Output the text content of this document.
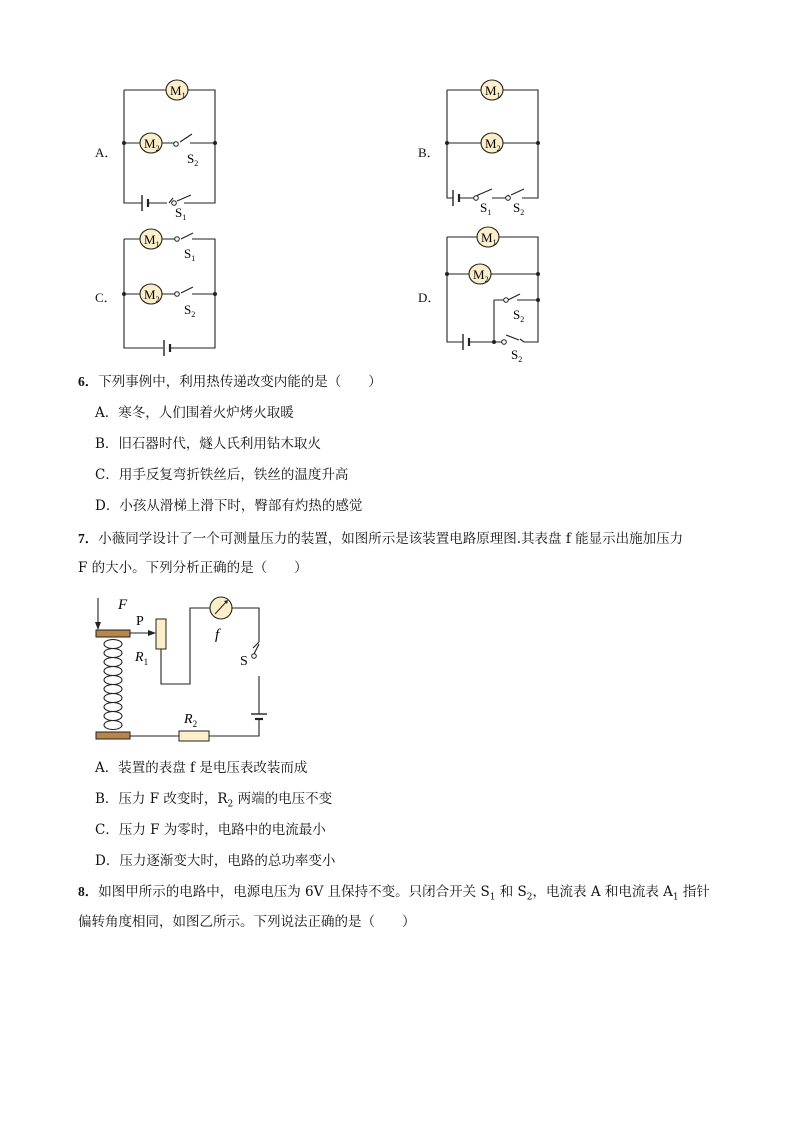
A．
$M_1$
$M_2$
$S_2$
$S_1$
B．
$M_1$
$M_2$
$S_1$ $S_2$
C．
$M_1$
$M_2$
$S_1$
$S_2$
D．
$M_1$
$M_2$
$S_2$
$S_2$
6．下列事例中，利用热传递改变内能的是（　　）
A．寒冬，人们围着火炉烤火取暖
B．旧石器时代，燧人氏利用钻木取火
C．用手反复弯折铁丝后，铁丝的温度升高
D．小孩从滑梯上滑下时，臀部有灼热的感觉
7．小薇同学设计了一个可测量压力的装置，如图所示是该装置电路原理图.其表盘 f 能显示出施加压力
F 的大小。下列分析正确的是（　　）
F
P
$R_1$
f
S
$R_2$
A．装置的表盘 f 是电压表改装而成
B．压力 F 改变时，$R_2$ 两端的电压不变
C．压力 F 为零时，电路中的电流最小
D．压力逐渐变大时，电路的总功率变小
8．如图甲所示的电路中，电源电压为 6V 且保持不变。只闭合开关 $S_1$ 和 $S_2$，电流表 A 和电流表 $A_1$ 指针
偏转角度相同，如图乙所示。下列说法正确的是（　　）
